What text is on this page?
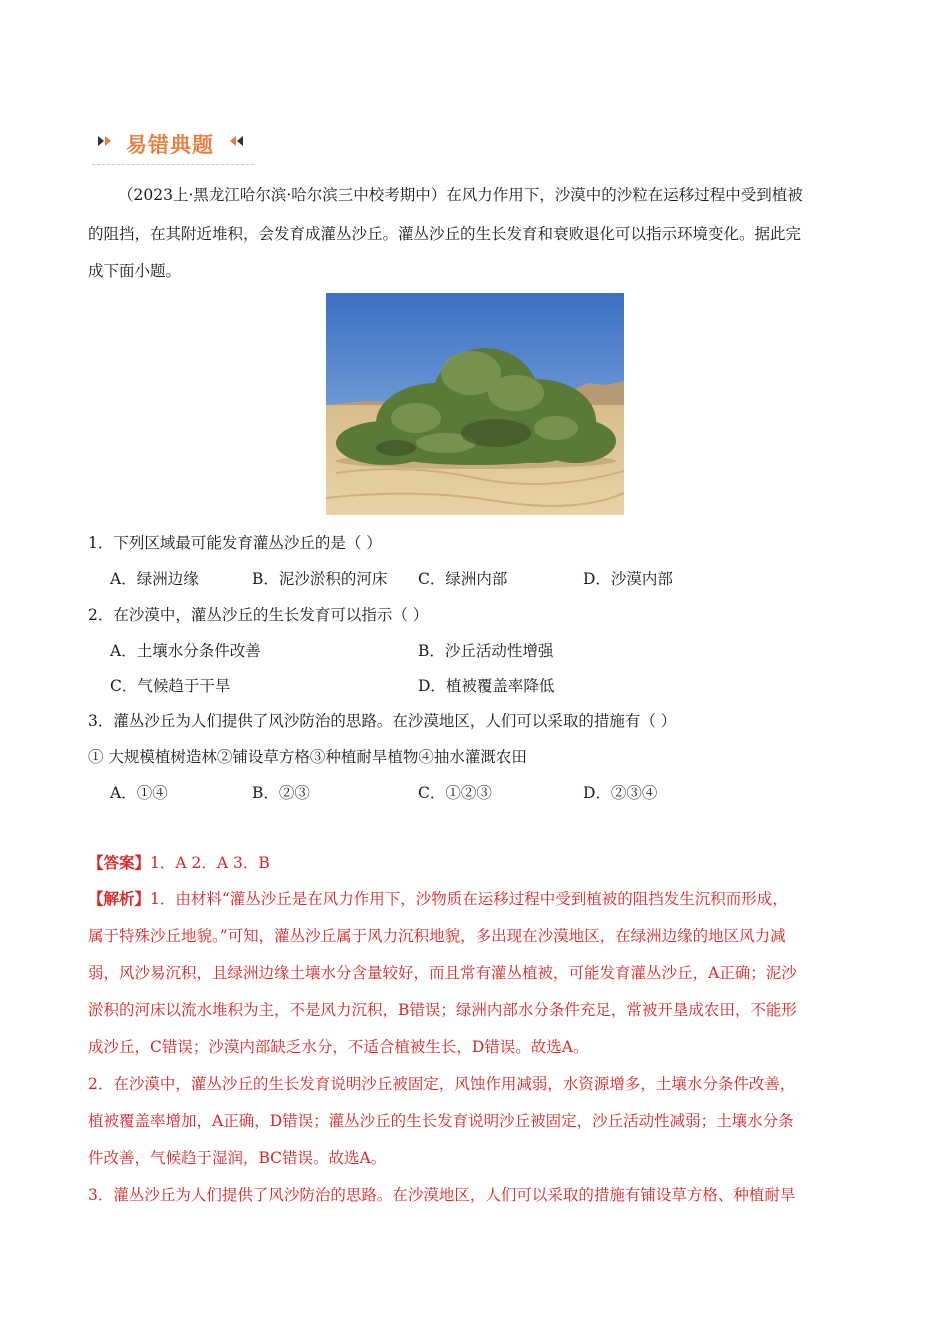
易错典题
（2023上·黑龙江哈尔滨·哈尔滨三中校考期中）在风力作用下，沙漠中的沙粒在运移过程中受到植被
的阻挡，在其附近堆积，会发育成灌丛沙丘。灌丛沙丘的生长发育和衰败退化可以指示环境变化。据此完
成下面小题。
1．下列区域最可能发育灌丛沙丘的是（ ）
A．绿洲边缘	B．泥沙淤积的河床 C．绿洲内部	D．沙漠内部
2．在沙漠中，灌丛沙丘的生长发育可以指示（ ）
A．土壤水分条件改善	B．沙丘活动性增强
C．气候趋于干旱	D．植被覆盖率降低
3．灌丛沙丘为人们提供了风沙防治的思路。在沙漠地区，人们可以采取的措施有（ ）
① 大规模植树造林②铺设草方格③种植耐旱植物④抽水灌溉农田
A．①④	B．②③	C．①②③	D．②③④
【答案】1．A 2．A 3．B
【解析】1．由材料“灌丛沙丘是在风力作用下，沙物质在运移过程中受到植被的阻挡发生沉积而形成，
属于特殊沙丘地貌。”可知，灌丛沙丘属于风力沉积地貌，多出现在沙漠地区，在绿洲边缘的地区风力减
弱，风沙易沉积，且绿洲边缘土壤水分含量较好，而且常有灌丛植被，可能发育灌丛沙丘，A正确；泥沙
淤积的河床以流水堆积为主，不是风力沉积，B错误；绿洲内部水分条件充足，常被开垦成农田，不能形
成沙丘，C错误；沙漠内部缺乏水分，不适合植被生长，D错误。故选A。
2．在沙漠中，灌丛沙丘的生长发育说明沙丘被固定，风蚀作用减弱，水资源增多，土壤水分条件改善，
植被覆盖率增加，A正确，D错误；灌丛沙丘的生长发育说明沙丘被固定，沙丘活动性减弱；土壤水分条
件改善，气候趋于湿润，BC错误。故选A。
3．灌丛沙丘为人们提供了风沙防治的思路。在沙漠地区，人们可以采取的措施有铺设草方格、种植耐旱
